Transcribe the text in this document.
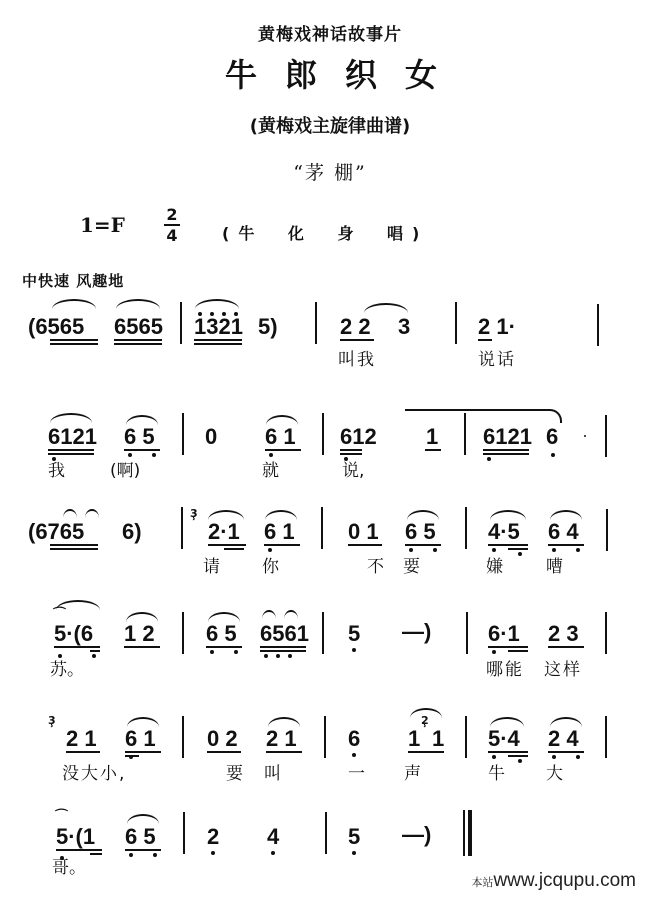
黄梅戏神话故事片
牛郎织女
(黄梅戏主旋律曲谱)
“茅 棚”
1=F	2
4	(牛 化 身 唱)
中快速 风趣地
(6565 6565 1321 5)	2 2 3	2 1·
叫我	说话
6121 6 5 0 6 1 612 1 6121 6
我	(啊)	就	说,
(6765 6)
3
ⸯ 2·1 6 1 0 1 6 5 4·5 6 4
请 你	不 要	嫌	嘈
⌒
5·(6 1 2 6 5 6561 5 —)	6·1 2 3
苏。	哪能 这样
3
ⸯ 2 1 6 1 0 2 2 1 6 1
2
ⸯ 1 5·4 2 4
没大小,	要 叫	一 声	牛 大
⌒
5·(1 6 5 2 4	5 —)
哥。
本站www.jcqupu.com
